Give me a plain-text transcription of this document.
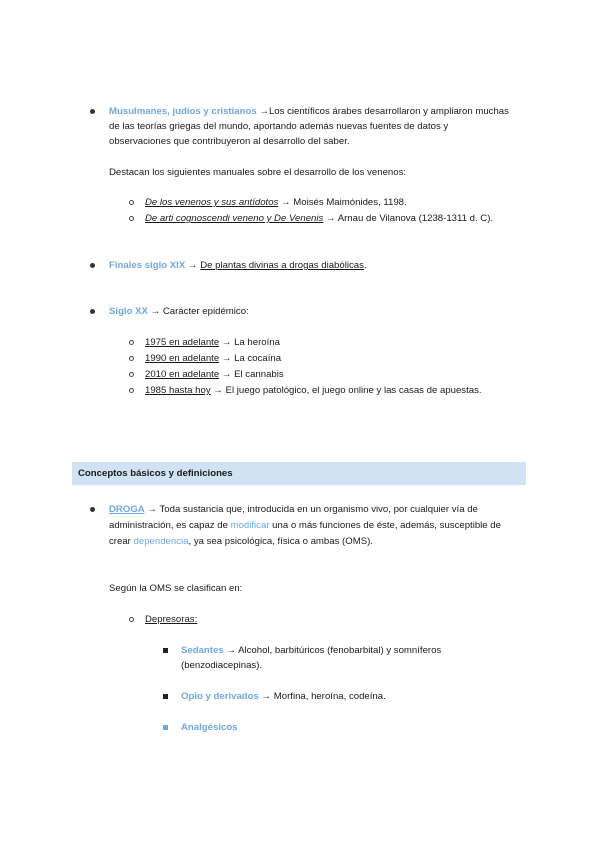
Musulmanes, judíos y cristianos →Los científicos árabes desarrollaron y ampliaron muchas
de las teorías griegas del mundo, aportando además nuevas fuentes de datos y
observaciones que contribuyeron al desarrollo del saber.
Destacan los siguientes manuales sobre el desarrollo de los venenos:
De los venenos y sus antídotos → Moisés Maimónides, 1198.
De arti cognoscendi veneno y De Venenis → Arnau de Vilanova (1238-1311 d. C).
Finales siglo XIX → De plantas divinas a drogas diabólicas.
Siglo XX → Carácter epidémico:
1975 en adelante → La heroína
1990 en adelante → La cocaína
2010 en adelante → El cannabis
1985 hasta hoy → El juego patológico, el juego online y las casas de apuestas.
Conceptos básicos y definiciones
DROGA → Toda sustancia que, introducida en un organismo vivo, por cualquier vía de
administración, es capaz de modificar una o más funciones de éste, además, susceptible de
crear dependencia, ya sea psicológica, física o ambas (OMS).
Según la OMS se clasifican en:
Depresoras:
Sedantes → Alcohol, barbitúricos (fenobarbital) y somníferos
(benzodiacepinas).
Opio y derivados → Morfina, heroína, codeína.
Analgésicos
